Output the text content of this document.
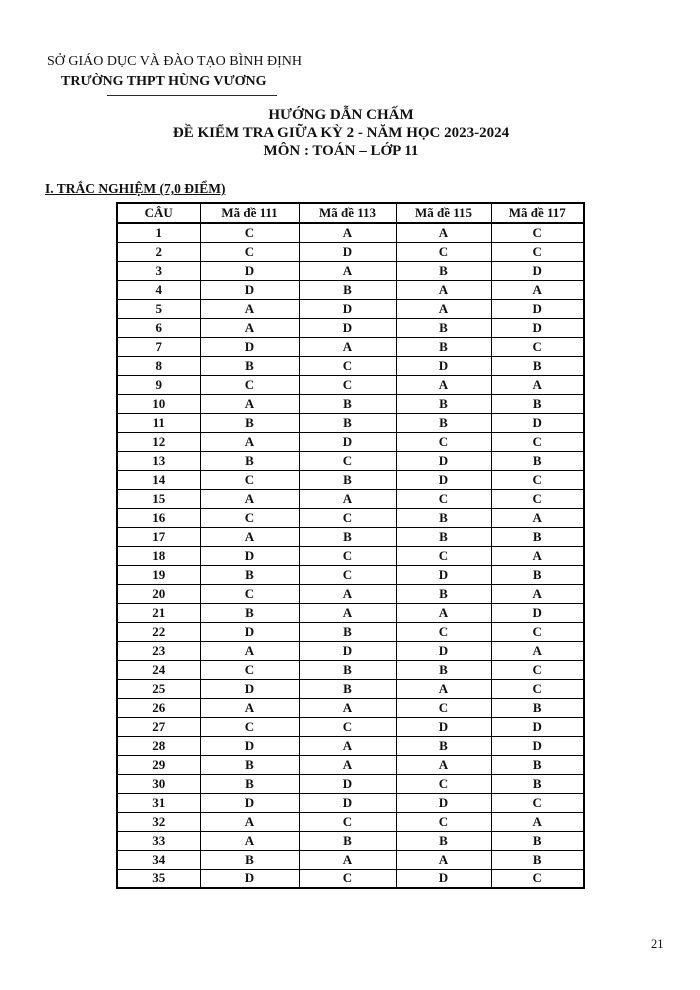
SỞ GIÁO DỤC VÀ ĐÀO TẠO BÌNH ĐỊNH
TRƯỜNG THPT HÙNG VƯƠNG
HƯỚNG DẪN CHẤM
ĐỀ KIỂM TRA GIỮA KỲ 2 - NĂM HỌC 2023-2024
MÔN : TOÁN – LỚP 11
I. TRẮC NGHIỆM (7,0 ĐIỂM)
CÂU	Mã đề 111	Mã đề 113	Mã đề 115	Mã đề 117
1	C	A	A	C
2	C	D	C	C
3	D	A	B	D
4	D	B	A	A
5	A	D	A	D
6	A	D	B	D
7	D	A	B	C
8	B	C	D	B
9	C	C	A	A
10	A	B	B	B
11	B	B	B	D
12	A	D	C	C
13	B	C	D	B
14	C	B	D	C
15	A	A	C	C
16	C	C	B	A
17	A	B	B	B
18	D	C	C	A
19	B	C	D	B
20	C	A	B	A
21	B	A	A	D
22	D	B	C	C
23	A	D	D	A
24	C	B	B	C
25	D	B	A	C
26	A	A	C	B
27	C	C	D	D
28	D	A	B	D
29	B	A	A	B
30	B	D	C	B
31	D	D	D	C
32	A	C	C	A
33	A	B	B	B
34	B	A	A	B
35	D	C	D	C
21
